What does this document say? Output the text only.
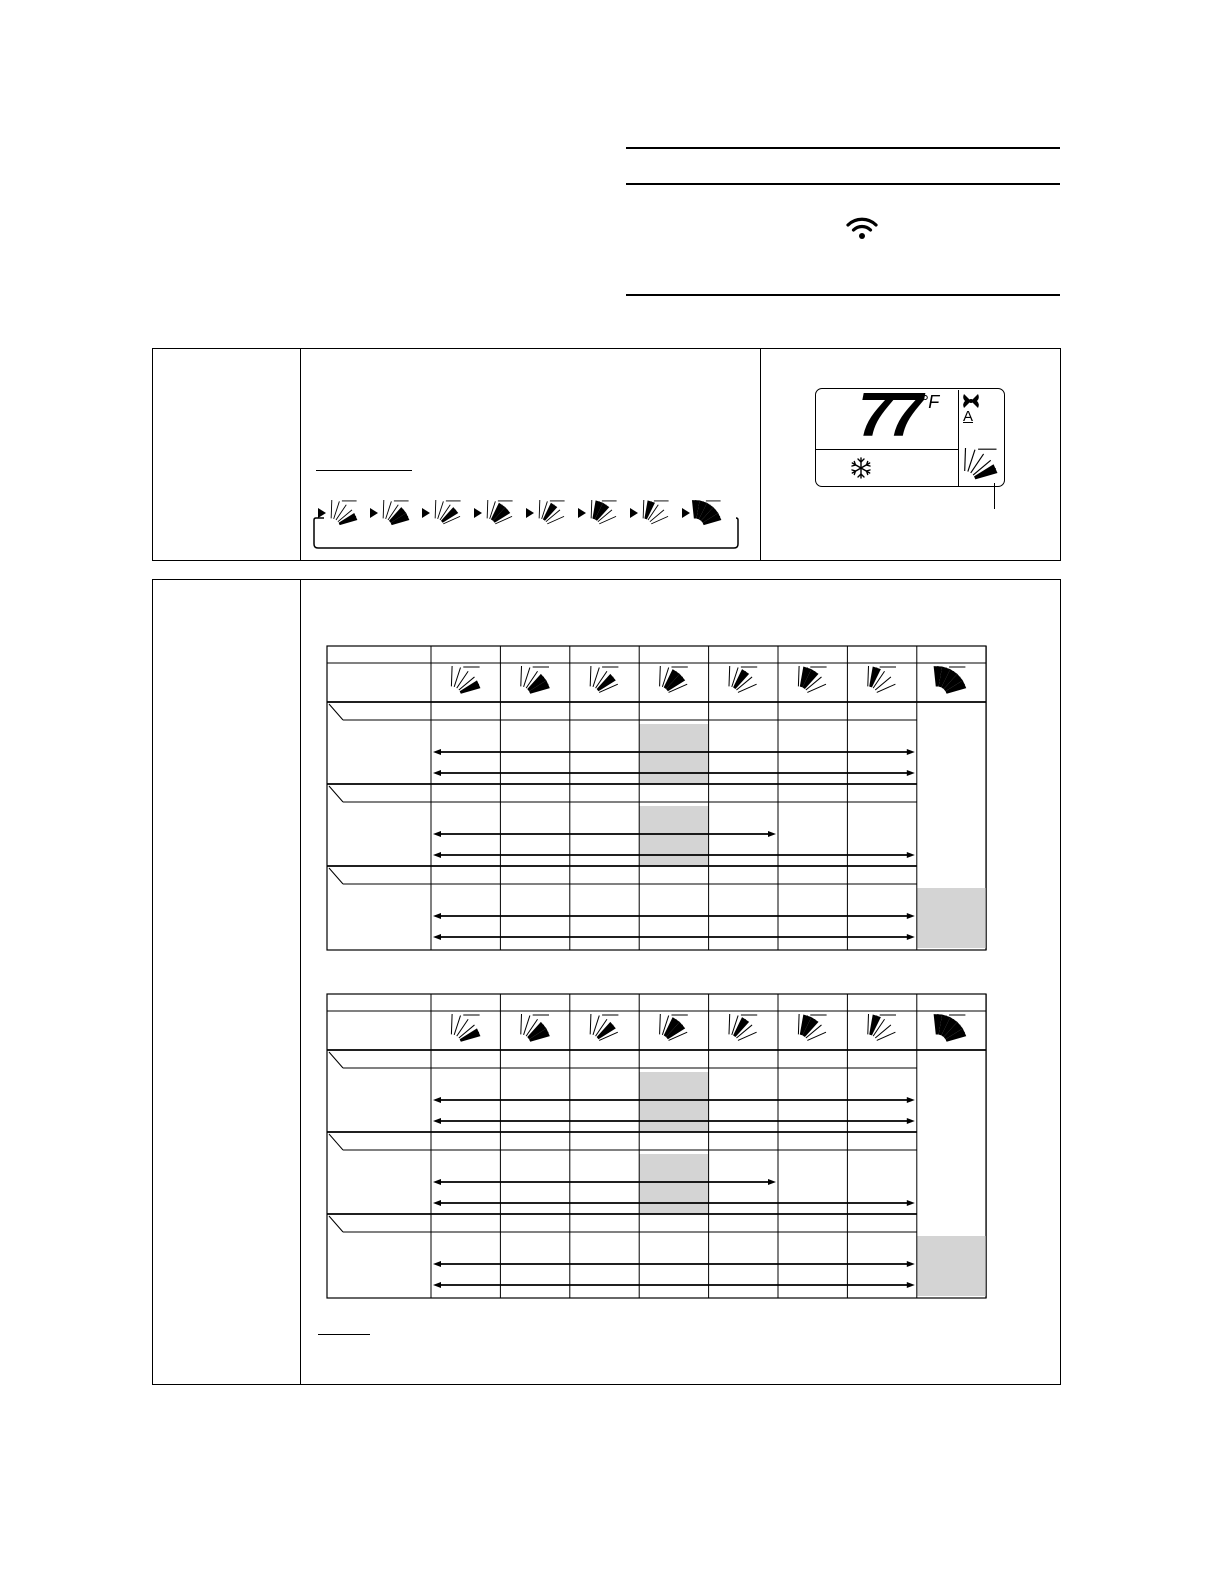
77 °F
A
